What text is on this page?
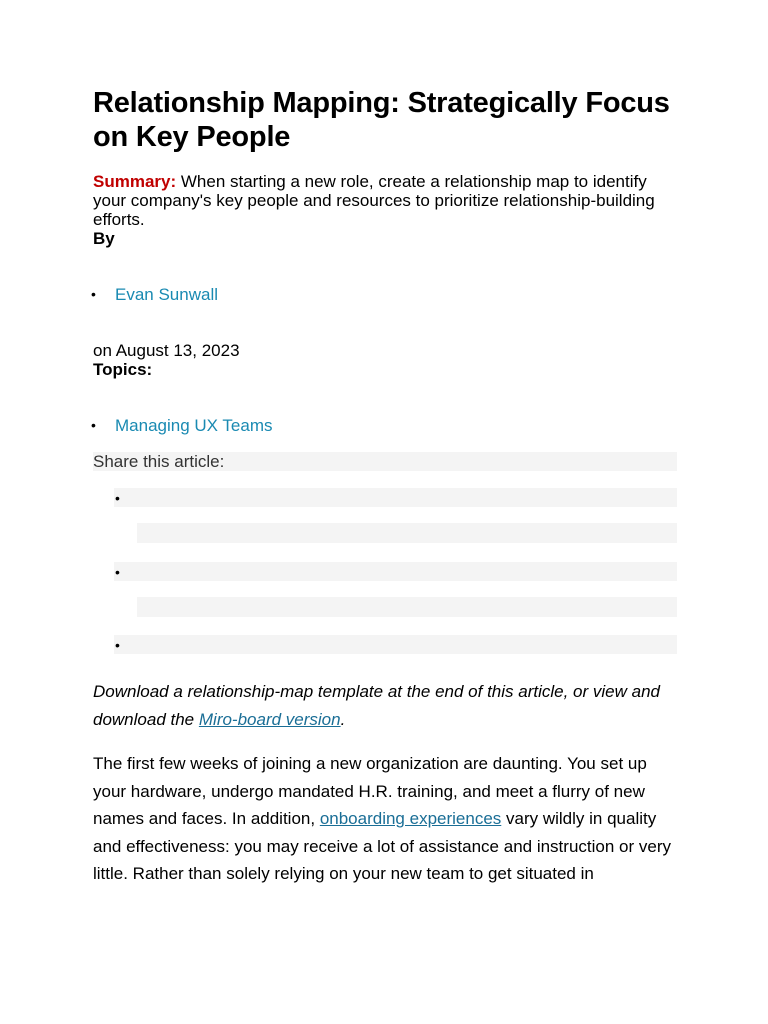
Relationship Mapping: Strategically Focus on Key People
Summary: When starting a new role, create a relationship map to identify your company's key people and resources to prioritize relationship-building efforts.
By
• Evan Sunwall
on August 13, 2023
Topics:
• Managing UX Teams
Share this article:
•
•
•
Download a relationship-map template at the end of this article, or view and download the Miro-board version.
The first few weeks of joining a new organization are daunting. You set up your hardware, undergo mandated H.R. training, and meet a flurry of new names and faces. In addition, onboarding experiences vary wildly in quality and effectiveness: you may receive a lot of assistance and instruction or very little. Rather than solely relying on your new team to get situated in
